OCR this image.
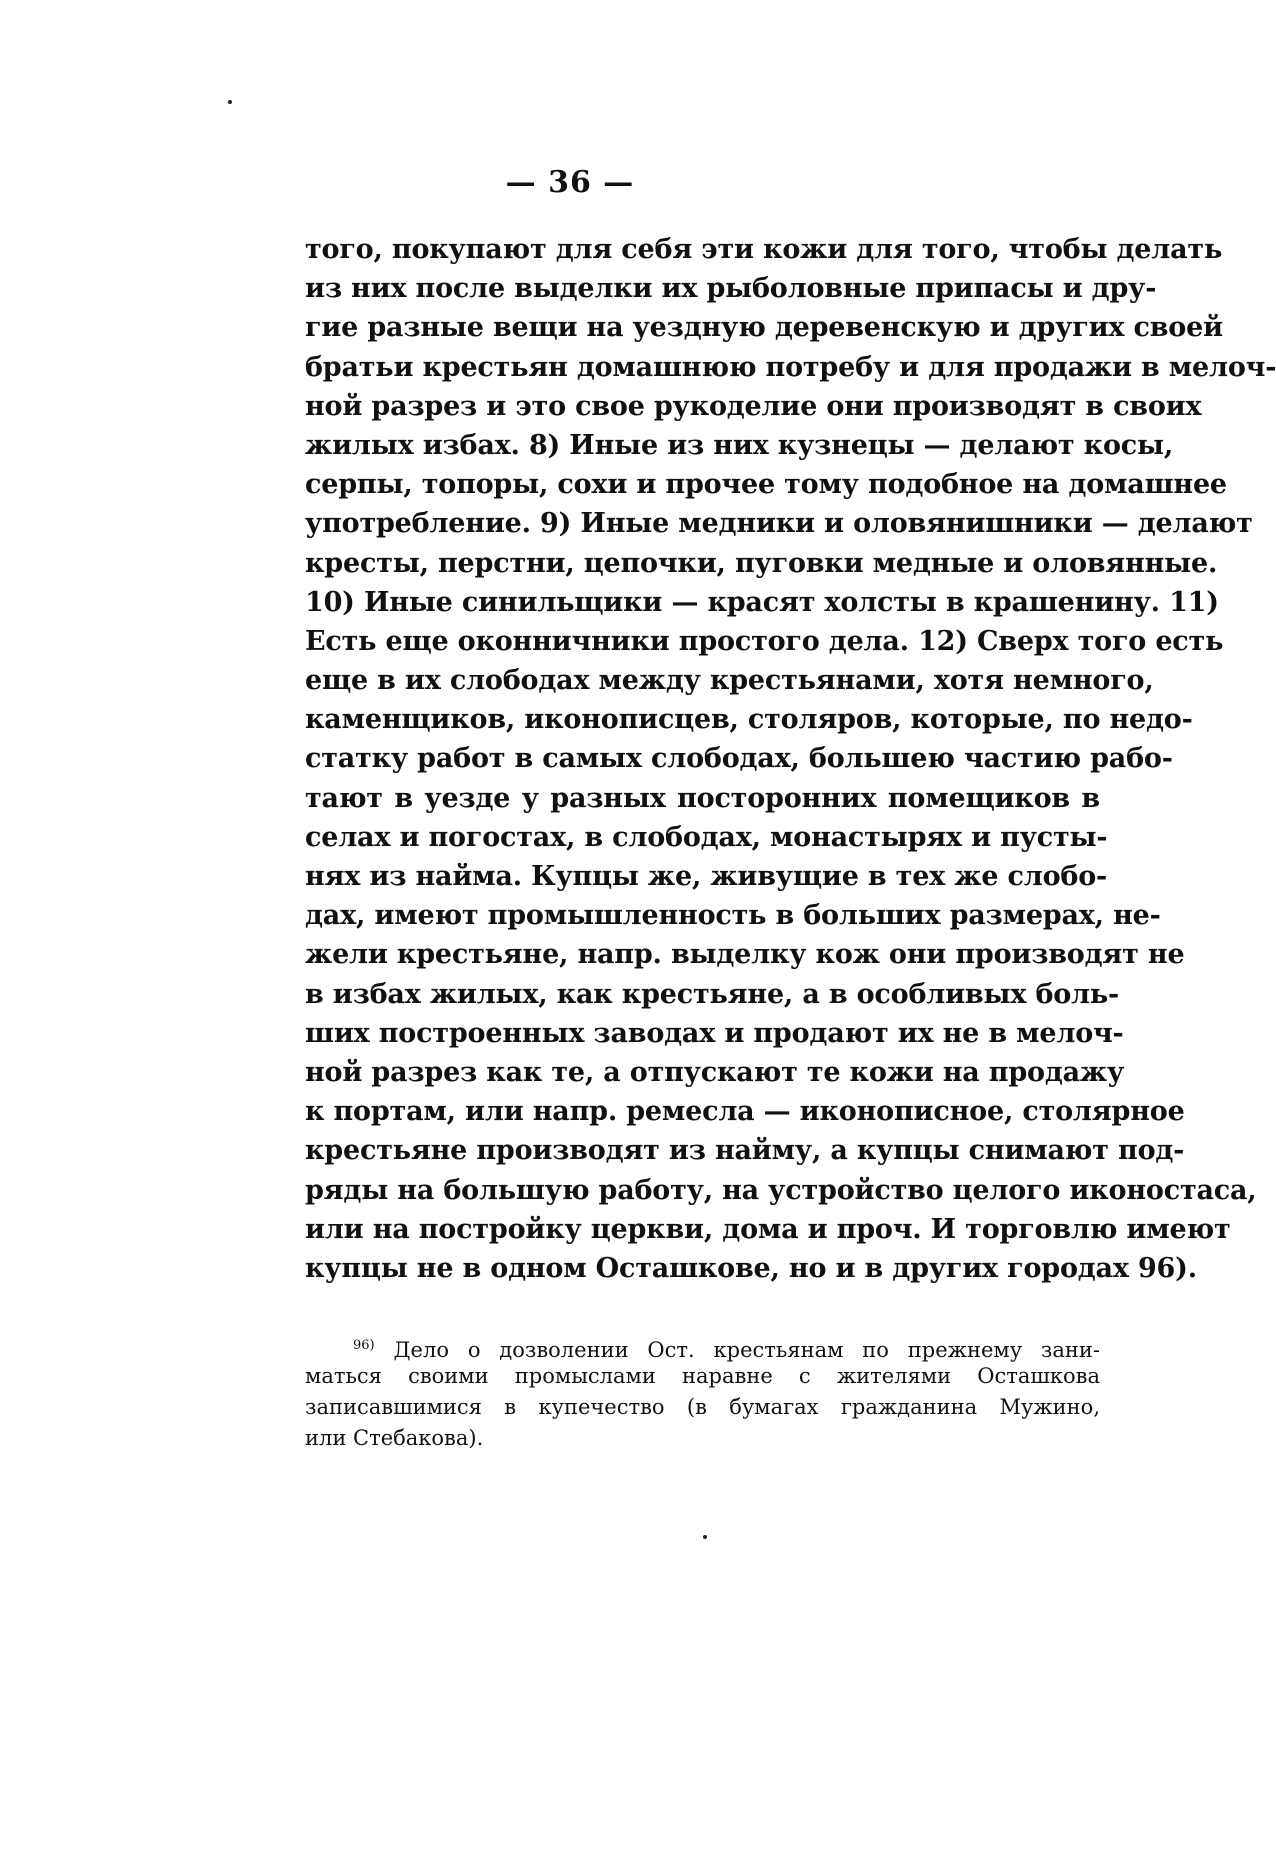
— 36 —
того, покупают для себя эти кожи для того, чтобы делать
из них после выделки их рыболовные припасы и дру-
гие разные вещи на уездную деревенскую и других своей
братьи крестьян домашнюю потребу и для продажи в мелоч-
ной разрез и это свое рукоделие они производят в своих
жилых избах. 8) Иные из них кузнецы — делают косы,
серпы, топоры, сохи и прочее тому подобное на домашнее
употребление. 9) Иные медники и оловянишники — делают
кресты, перстни, цепочки, пуговки медные и оловянные.
10) Иные синильщики — красят холсты в крашенину. 11)
Есть еще оконничники простого дела. 12) Сверх того есть
еще в их слободах между крестьянами, хотя немного,
каменщиков, иконописцев, столяров, которые, по недо-
статку работ в самых слободах, большею частию рабо-
тают в уезде у разных посторонних помещиков в
селах и погостах, в слободах, монастырях и пусты-
нях из найма. Купцы же, живущие в тех же слобо-
дах, имеют промышленность в больших размерах, не-
жели крестьяне, напр. выделку кож они производят не
в избах жилых, как крестьяне, а в особливых боль-
ших построенных заводах и продают их не в мелоч-
ной разрез как те, а отпускают те кожи на продажу
к портам, или напр. ремесла — иконописное, столярное
крестьяне производят из найму, а купцы снимают под-
ряды на большую работу, на устройство целого иконостаса,
или на постройку церкви, дома и проч. И торговлю имеют
купцы не в одном Осташкове, но и в других городах 96).
$^{96)}$ Дело о дозволении Ост. крестьянам по прежнему зани-
маться своими промыслами наравне с жителями Осташкова
записавшимися в купечество (в бумагах гражданина Мужино,
или Стебакова).
